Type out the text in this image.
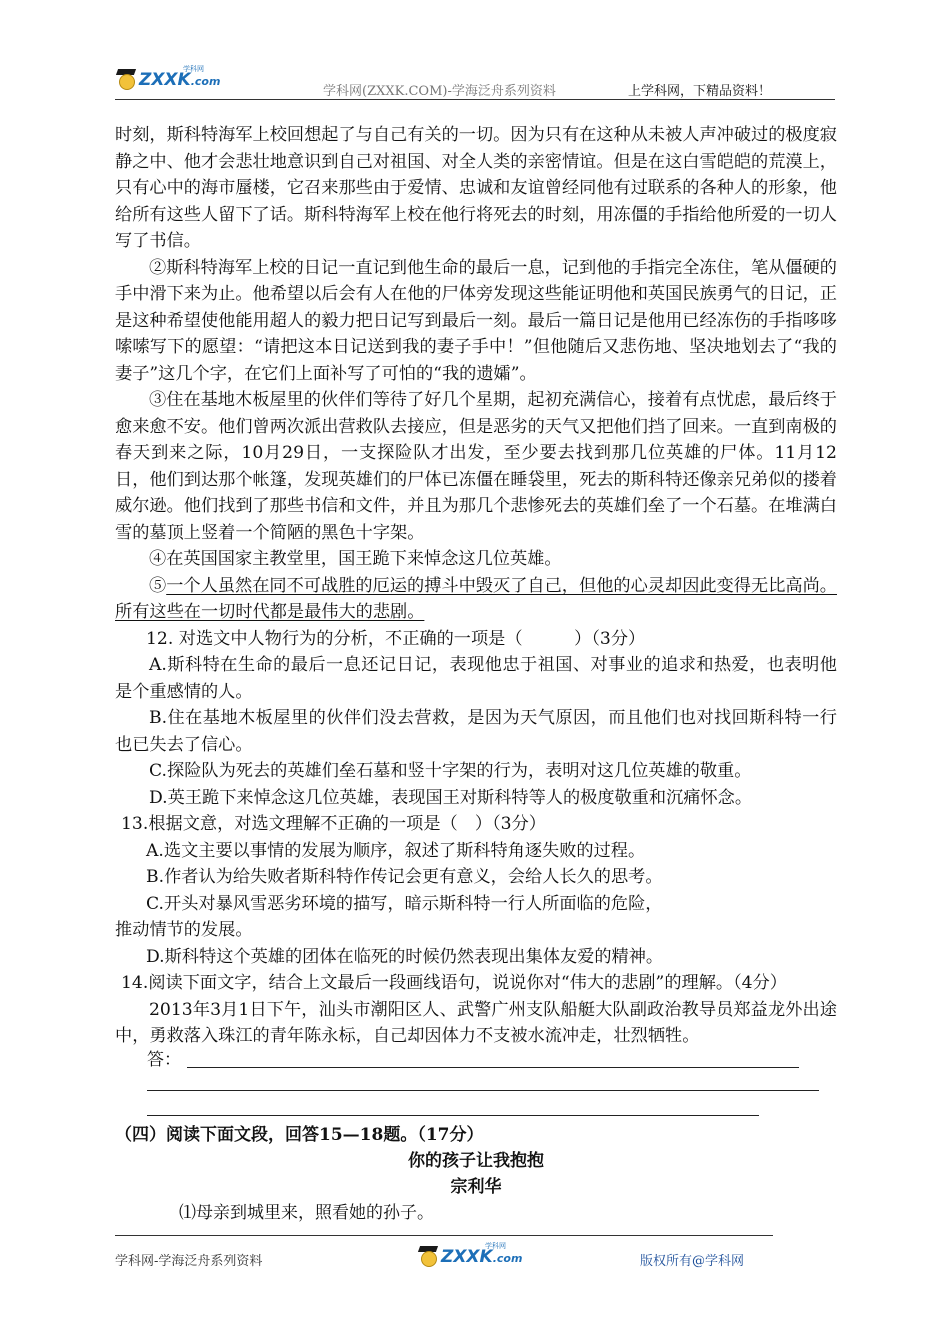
ZXXK.com
学科网
学科网(ZXXK.COM)-学海泛舟系列资料	上学科网，下精品资料！

时刻，斯科特海军上校回想起了与自己有关的一切。因为只有在这种从未被人声冲破过的极度寂静之中、他才会悲壮地意识到自己对祖国、对全人类的亲密情谊。但是在这白雪皑皑的荒漠上，只有心中的海市蜃楼，它召来那些由于爱情、忠诚和友谊曾经同他有过联系的各种人的形象，他给所有这些人留下了话。斯科特海军上校在他行将死去的时刻，用冻僵的手指给他所爱的一切人写了书信。

②斯科特海军上校的日记一直记到他生命的最后一息，记到他的手指完全冻住，笔从僵硬的手中滑下来为止。他希望以后会有人在他的尸体旁发现这些能证明他和英国民族勇气的日记，正是这种希望使他能用超人的毅力把日记写到最后一刻。最后一篇日记是他用已经冻伤的手指哆哆嗦嗦写下的愿望：“请把这本日记送到我的妻子手中！”但他随后又悲伤地、坚决地划去了“我的妻子”这几个字，在它们上面补写了可怕的“我的遗孀”。

③住在基地木板屋里的伙伴们等待了好几个星期，起初充满信心，接着有点忧虑，最后终于愈来愈不安。他们曾两次派出营救队去接应，但是恶劣的天气又把他们挡了回来。一直到南极的春天到来之际，10月29日，一支探险队才出发，至少要去找到那几位英雄的尸体。11月12日，他们到达那个帐篷，发现英雄们的尸体已冻僵在睡袋里，死去的斯科特还像亲兄弟似的搂着威尔逊。他们找到了那些书信和文件，并且为那几个悲惨死去的英雄们垒了一个石墓。在堆满白雪的墓顶上竖着一个简陋的黑色十字架。

④在英国国家主教堂里，国王跪下来悼念这几位英雄。

⑤一个人虽然在同不可战胜的厄运的搏斗中毁灭了自己，但他的心灵却因此变得无比高尚。所有这些在一切时代都是最伟大的悲剧。

12. 对选文中人物行为的分析，不正确的一项是（　　　）（3分）

A.斯科特在生命的最后一息还记日记，表现他忠于祖国、对事业的追求和热爱，也表明他是个重感情的人。

B.住在基地木板屋里的伙伴们没去营救，是因为天气原因，而且他们也对找回斯科特一行也已失去了信心。

C.探险队为死去的英雄们垒石墓和竖十字架的行为，表明对这几位英雄的敬重。

D.英王跪下来悼念这几位英雄，表现国王对斯科特等人的极度敬重和沉痛怀念。

13.根据文意，对选文理解不正确的一项是（　）（3分）

A.选文主要以事情的发展为顺序，叙述了斯科特角逐失败的过程。

B.作者认为给失败者斯科特作传记会更有意义，会给人长久的思考。

C.开头对暴风雪恶劣环境的描写，暗示斯科特一行人所面临的危险，

推动情节的发展。

D.斯科特这个英雄的团体在临死的时候仍然表现出集体友爱的精神。

14.阅读下面文字，结合上文最后一段画线语句，说说你对“伟大的悲剧”的理解。（4分）

2013年3月1日下午，汕头市潮阳区人、武警广州支队船艇大队副政治教导员郑益龙外出途中，勇救落入珠江的青年陈永标，自己却因体力不支被水流冲走，壮烈牺牲。

答：
（四）阅读下面文段，回答15—18题。（17分）
你的孩子让我抱抱
宗利华
⑴母亲到城里来，照看她的孙子。
学科网-学海泛舟系列资料	ZXXK.com
学科网
版权所有@学科网
